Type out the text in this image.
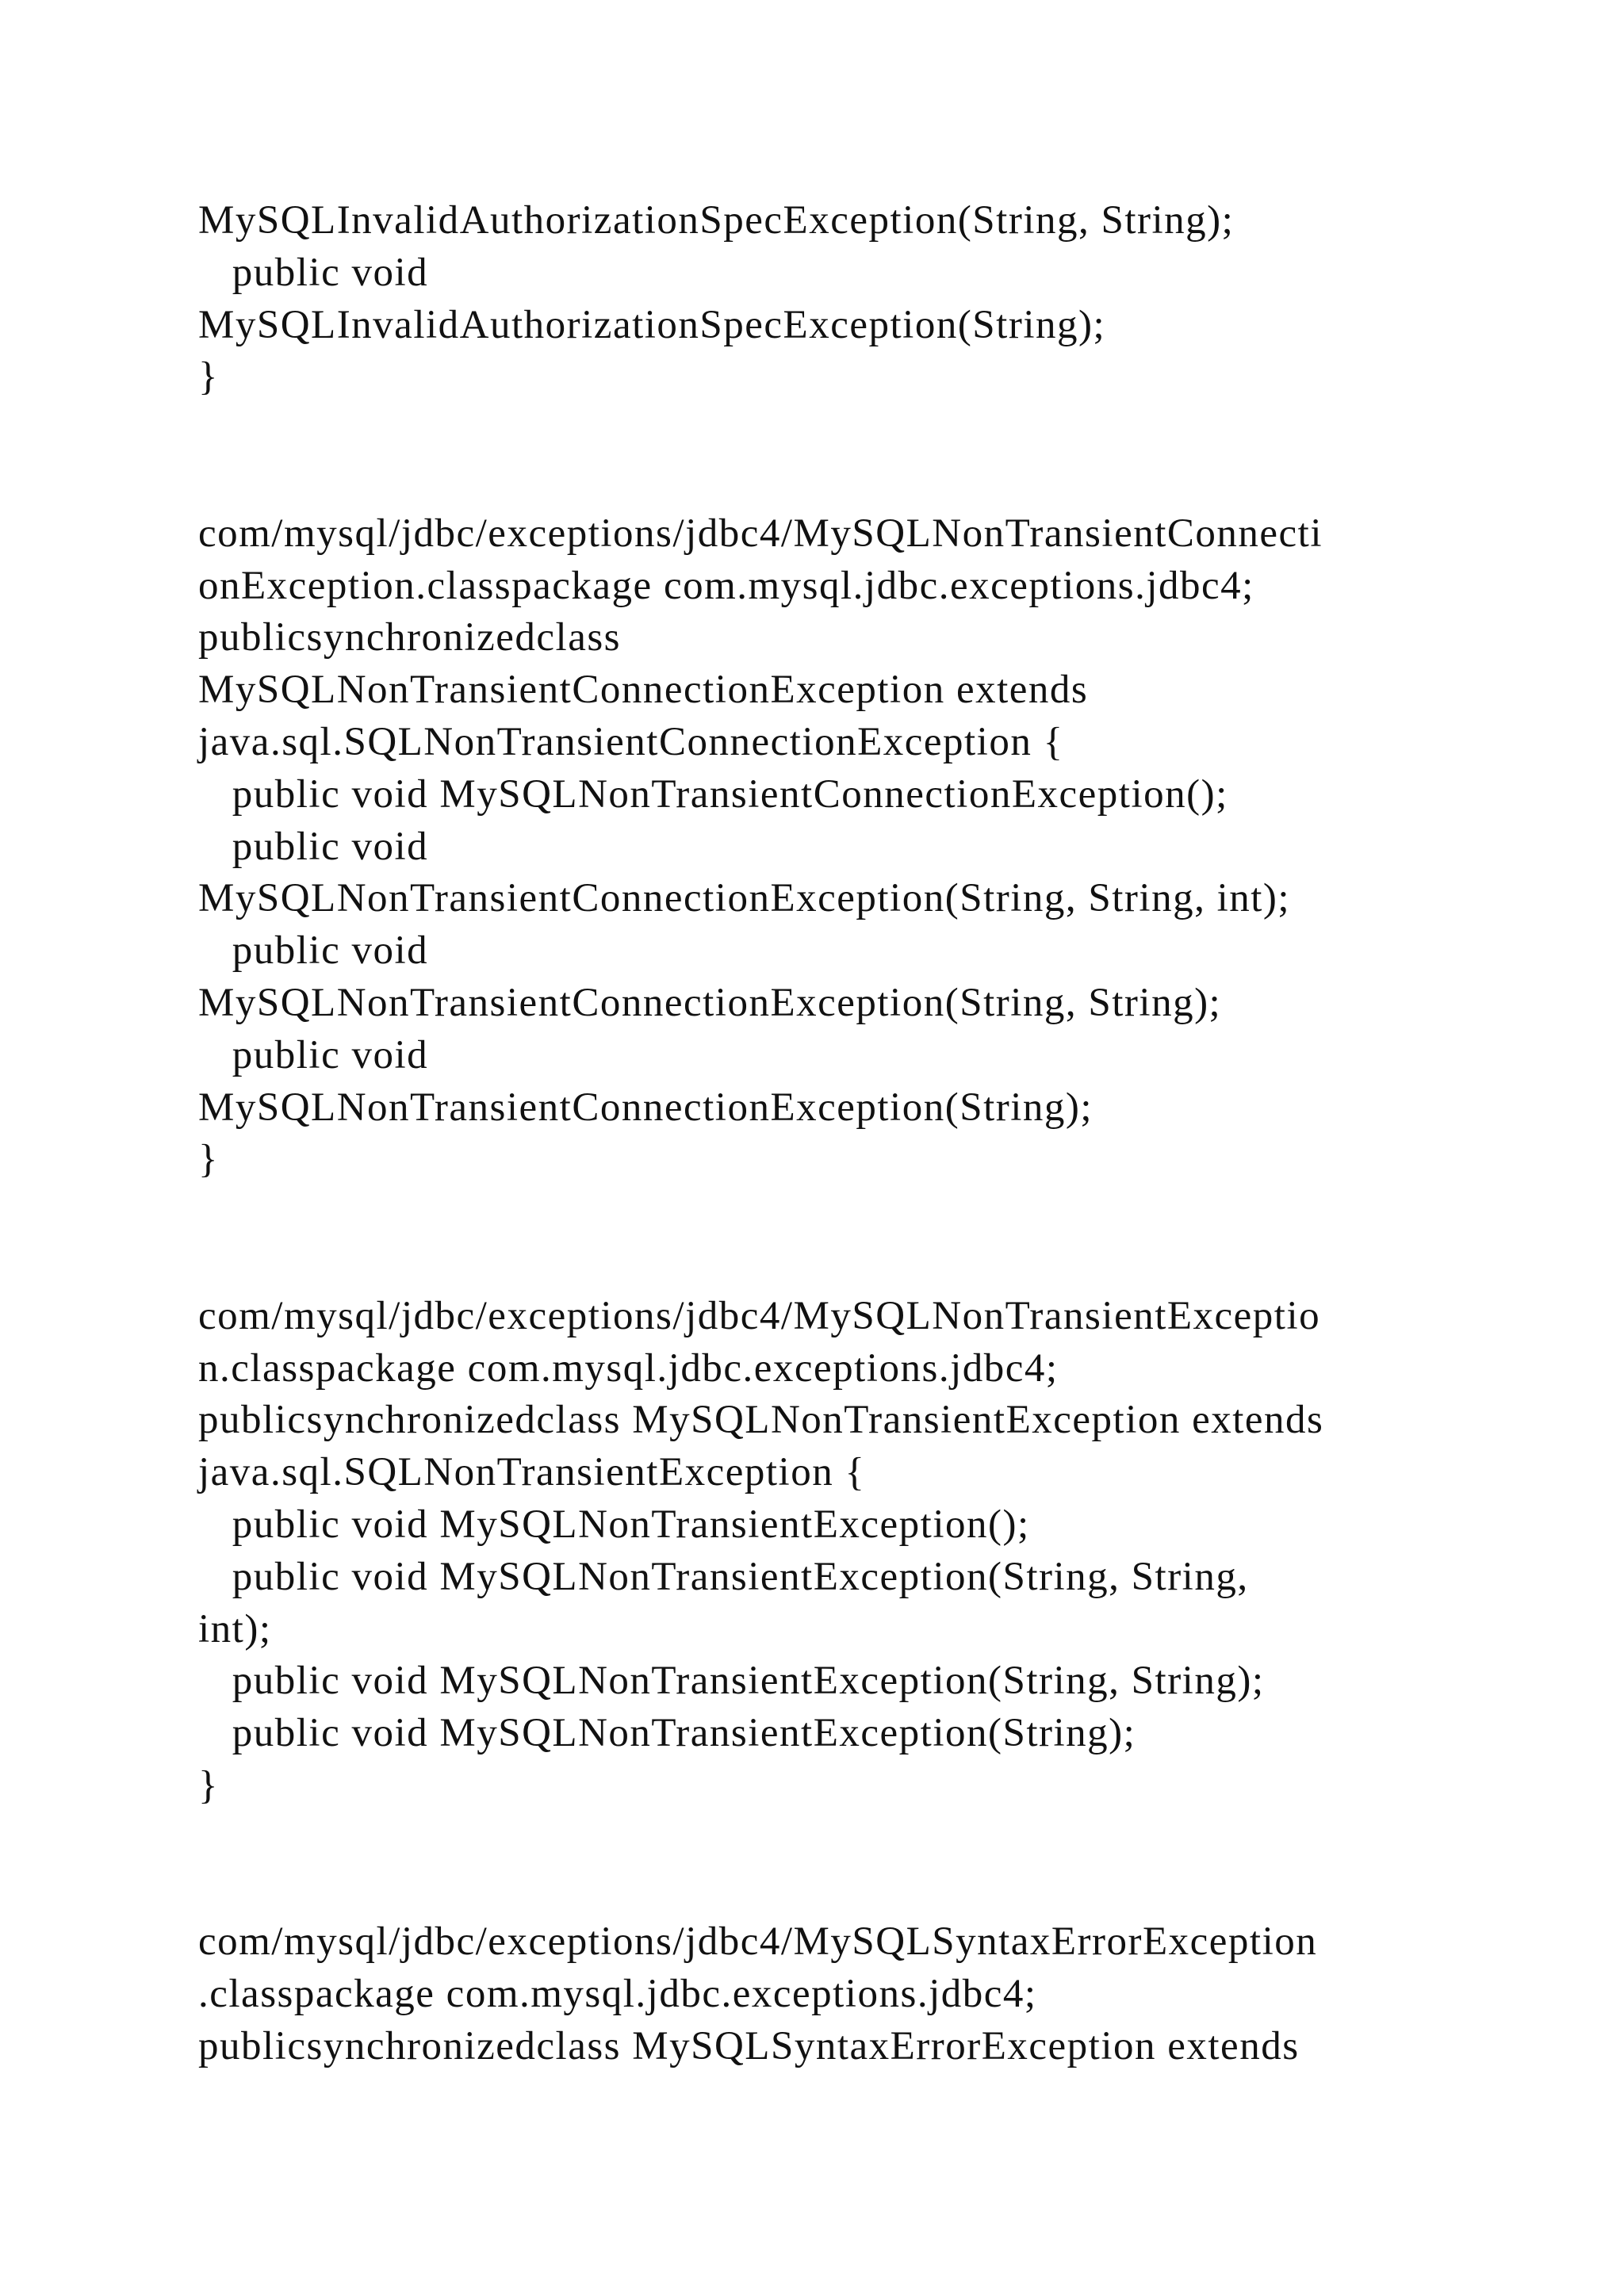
MySQLInvalidAuthorizationSpecException(String, String);
public void
MySQLInvalidAuthorizationSpecException(String);
}
com/mysql/jdbc/exceptions/jdbc4/MySQLNonTransientConnecti
onException.classpackage com.mysql.jdbc.exceptions.jdbc4;
publicsynchronizedclass
MySQLNonTransientConnectionException extends
java.sql.SQLNonTransientConnectionException {
public void MySQLNonTransientConnectionException();
public void
MySQLNonTransientConnectionException(String, String, int);
public void
MySQLNonTransientConnectionException(String, String);
public void
MySQLNonTransientConnectionException(String);
}
com/mysql/jdbc/exceptions/jdbc4/MySQLNonTransientExceptio
n.classpackage com.mysql.jdbc.exceptions.jdbc4;
publicsynchronizedclass MySQLNonTransientException extends
java.sql.SQLNonTransientException {
public void MySQLNonTransientException();
public void MySQLNonTransientException(String, String,
int);
public void MySQLNonTransientException(String, String);
public void MySQLNonTransientException(String);
}
com/mysql/jdbc/exceptions/jdbc4/MySQLSyntaxErrorException
.classpackage com.mysql.jdbc.exceptions.jdbc4;
publicsynchronizedclass MySQLSyntaxErrorException extends
